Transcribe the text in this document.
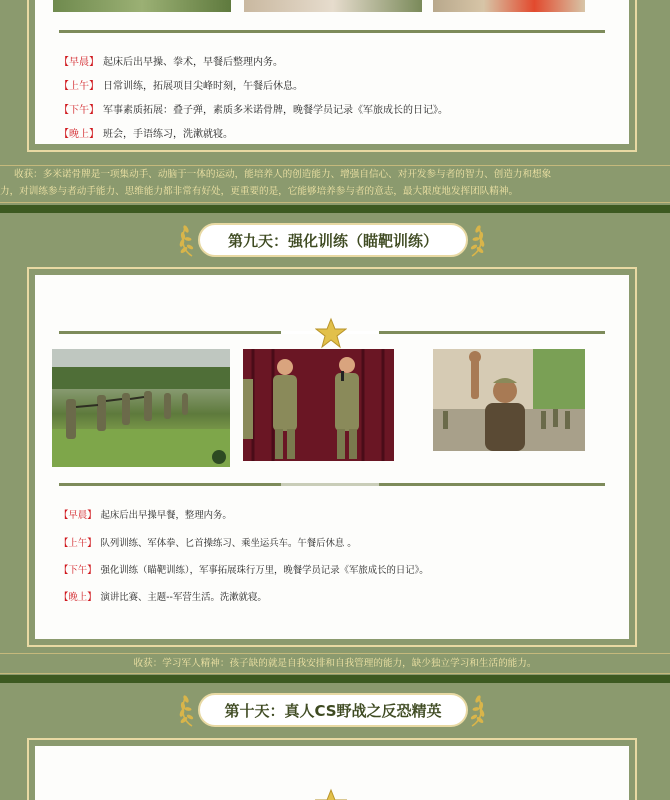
【早晨】 起床后出早操、拳术，早餐后整理内务。
【上午】 日常训练，拓展项目尖峰时刻，午餐后休息。
【下午】 军事素质拓展：叠子弹，素质多米诺骨牌，晚餐学员记录《军旅成长的日记》。
【晚上】 班会，手语练习，洗漱就寝。
收获：多米诺骨牌是一项集动手、动脑于一体的运动，能培养人的创造能力、增强自信心、对开发参与者的智力、创造力和想象
力，对训练参与者动手能力、思维能力都非常有好处，更重要的是，它能够培养参与者的意志，最大限度地发挥团队精神。
第九天：强化训练（瞄靶训练）
【早晨】 起床后出早操早餐，整理内务。
【上午】 队列训练、军体拳、匕首操练习、乘坐运兵车。午餐后休息 。
【下午】 强化训练（瞄靶训练），军事拓展珠行万里，晚餐学员记录《军旅成长的日记》。
【晚上】 演讲比赛、主题--军营生活。洗漱就寝。
收获：学习军人精神：孩子缺的就是自我安排和自我管理的能力，缺少独立学习和生活的能力。
第十天：真人CS野战之反恐精英
